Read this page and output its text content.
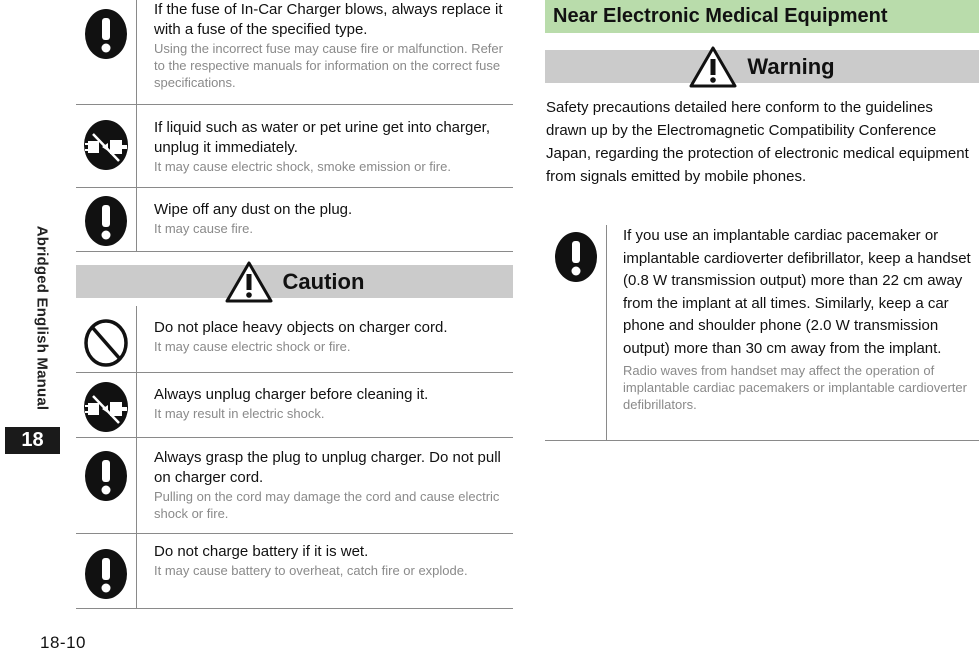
Abridged English Manual
18
18-10
If the fuse of In-Car Charger blows, always replace it with a fuse of the specified type.
Using the incorrect fuse may cause fire or malfunction. Refer to the respective manuals for information on the correct fuse specifications.
If liquid such as water or pet urine get into charger, unplug it immediately.
It may cause electric shock, smoke emission or fire.
Wipe off any dust on the plug.
It may cause fire.
Caution
Do not place heavy objects on charger cord.
It may cause electric shock or fire.
Always unplug charger before cleaning it.
It may result in electric shock.
Always grasp the plug to unplug charger. Do not pull on charger cord.
Pulling on the cord may damage the cord and cause electric shock or fire.
Do not charge battery if it is wet.
It may cause battery to overheat, catch fire or explode.
Near Electronic Medical Equipment
Warning
Safety precautions detailed here conform to the guidelines drawn up by the Electromagnetic Compatibility Conference Japan, regarding the protection of electronic medical equipment from signals emitted by mobile phones.
If you use an implantable cardiac pacemaker or implantable cardioverter defibrillator, keep a handset (0.8 W transmission output) more than 22 cm away from the implant at all times. Similarly, keep a car phone and shoulder phone (2.0 W transmission output) more than 30 cm away from the implant.
Radio waves from handset may affect the operation of implantable cardiac pacemakers or implantable cardioverter defibrillators.
